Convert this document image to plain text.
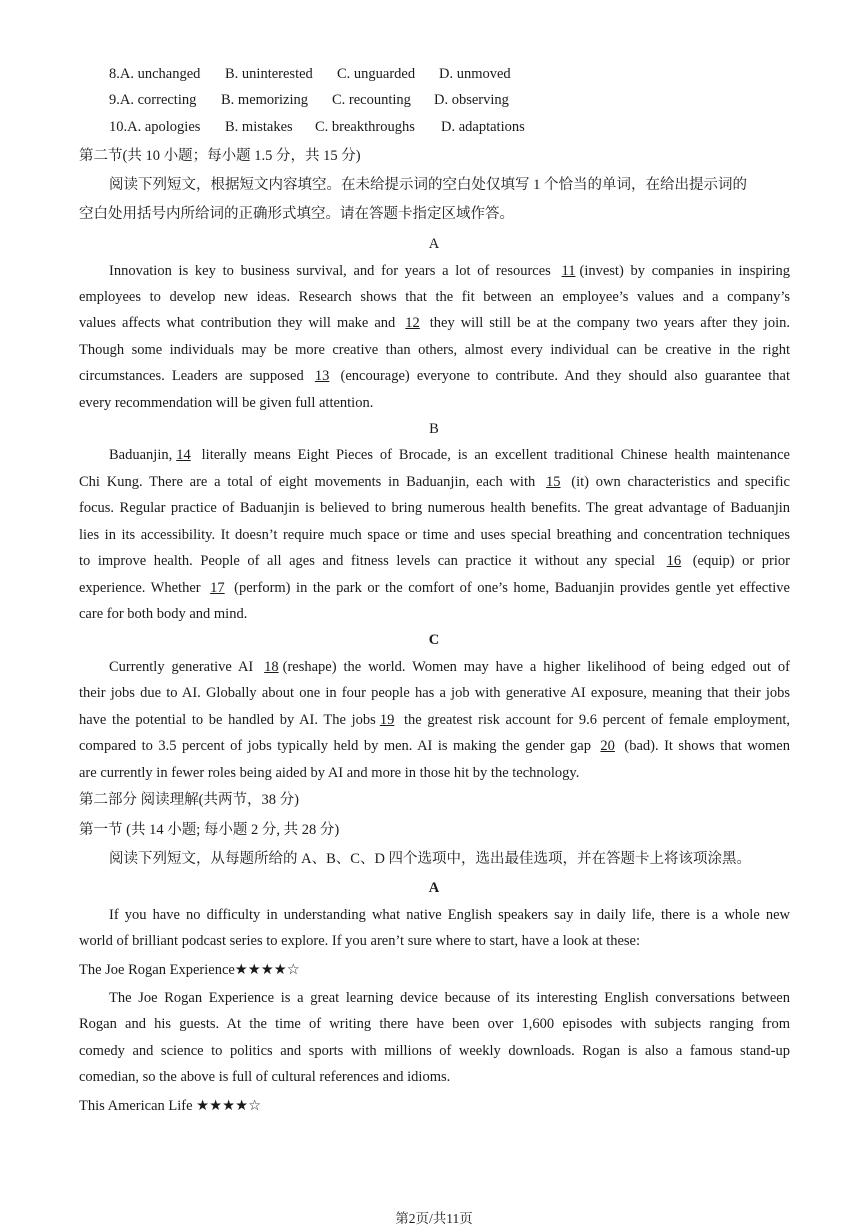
8.A. unchanged B. uninterested C. unguarded D. unmoved
9.A. correcting B. memorizing C. recounting D. observing
10.A. apologies B. mistakes C. breakthroughs D. adaptations
第二节(共 10 小题；每小题 1.5 分，共 15 分)
阅读下列短文，根据短文内容填空。在未给提示词的空白处仅填写 1 个恰当的单词，在给出提示词的
空白处用括号内所给词的正确形式填空。请在答题卡指定区域作答。
A
Innovation is key to business survival, and for years a lot of resources 11 (invest) by companies in inspiring
employees to develop new ideas. Research shows that the fit between an employee’s values and a company’s
values affects what contribution they will make and 12 they will still be at the company two years after they join.
Though some individuals may be more creative than others, almost every individual can be creative in the right
circumstances. Leaders are supposed 13 (encourage) everyone to contribute. And they should also guarantee that
every recommendation will be given full attention.
B
Baduanjin, 14 literally means Eight Pieces of Brocade, is an excellent traditional Chinese health maintenance
Chi Kung. There are a total of eight movements in Baduanjin, each with 15 (it) own characteristics and specific
focus. Regular practice of Baduanjin is believed to bring numerous health benefits. The great advantage of Baduanjin
lies in its accessibility. It doesn’t require much space or time and uses special breathing and concentration techniques
to improve health. People of all ages and fitness levels can practice it without any special 16 (equip) or prior
experience. Whether 17 (perform) in the park or the comfort of one’s home, Baduanjin provides gentle yet effective
care for both body and mind.
C
Currently generative AI 18 (reshape) the world. Women may have a higher likelihood of being edged out of
their jobs due to AI. Globally about one in four people has a job with generative AI exposure, meaning that their jobs
have the potential to be handled by AI. The jobs 19 the greatest risk account for 9.6 percent of female employment,
compared to 3.5 percent of jobs typically held by men. AI is making the gender gap 20 (bad). It shows that women
are currently in fewer roles being aided by AI and more in those hit by the technology.
第二部分 阅读理解(共两节，38 分)
第一节 (共 14 小题; 每小题 2 分, 共 28 分)
阅读下列短文，从每题所给的 A、B、C、D 四个选项中，选出最佳选项，并在答题卡上将该项涂黑。
A
If you have no difficulty in understanding what native English speakers say in daily life, there is a whole new
world of brilliant podcast series to explore. If you aren’t sure where to start, have a look at these:
The Joe Rogan Experience★★★★☆
The Joe Rogan Experience is a great learning device because of its interesting English conversations between
Rogan and his guests. At the time of writing there have been over 1,600 episodes with subjects ranging from
comedy and science to politics and sports with millions of weekly downloads. Rogan is also a famous stand-up
comedian, so the above is full of cultural references and idioms.
This American Life ★★★★☆
第2页/共11页
